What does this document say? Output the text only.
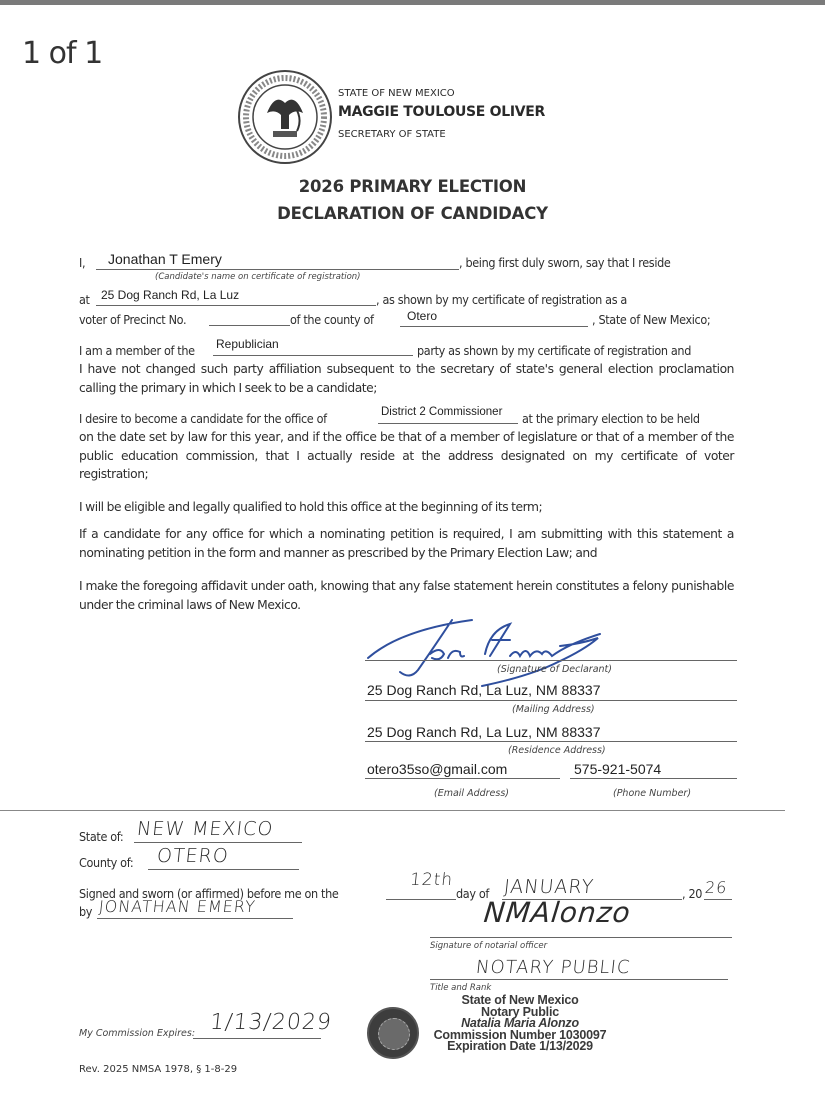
1 of 1
STATE OF NEW MEXICO
MAGGIE TOULOUSE OLIVER
SECRETARY OF STATE
2026 PRIMARY ELECTION
DECLARATION OF CANDIDACY
I, Jonathan T Emery	, being first duly sworn, say that I reside
(Candidate's name on certificate of registration)
at 25 Dog Ranch Rd, La Luz	, as shown by my certificate of registration as a
voter of Precinct No.	of the county of	Otero	, State of New Mexico;
I am a member of the Republician	party as shown by my certificate of registration and
I have not changed such party affiliation subsequent to the secretary of state's general election proclamation calling the primary in which I seek to be a candidate;
I desire to become a candidate for the office of	District 2 Commissioner at the primary election to be held
on the date set by law for this year, and if the office be that of a member of legislature or that of a member of the public education commission, that I actually reside at the address designated on my certificate of voter registration;
I will be eligible and legally qualified to hold this office at the beginning of its term;
If a candidate for any office for which a nominating petition is required, I am submitting with this statement a nominating petition in the form and manner as prescribed by the Primary Election Law; and
I make the foregoing affidavit under oath, knowing that any false statement herein constitutes a felony punishable under the criminal laws of New Mexico.
(Signature of Declarant)
25 Dog Ranch Rd, La Luz, NM 88337
(Mailing Address)
25 Dog Ranch Rd, La Luz, NM 88337
(Residence Address)
otero35so@gmail.com	575-921-5074
(Email Address)	(Phone Number)
State of: NEW MEXICO
County of: OTERO
Signed and sworn (or affirmed) before me on the
12th
day of JANUARY	, 20 26
by JONATHAN EMERY	NMAlonzo
Signature of notarial officer
NOTARY PUBLIC
Title and Rank
State of New Mexico
Notary Public
Natalia Maria Alonzo
Commission Number 1030097
Expiration Date 1/13/2029
My Commission Expires: 1/13/2029
Rev. 2025 NMSA 1978, § 1-8-29
